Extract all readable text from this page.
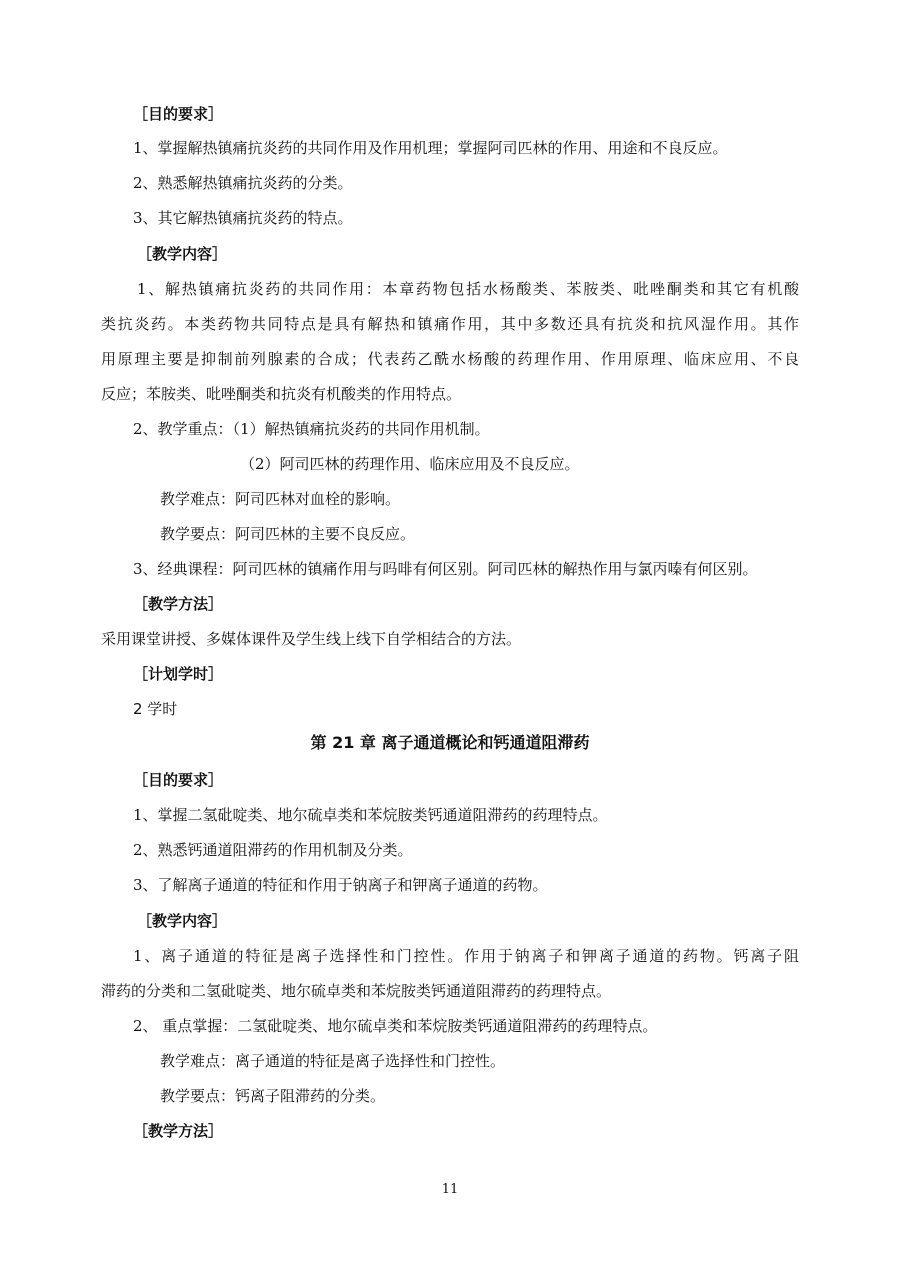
［目的要求］
1、掌握解热镇痛抗炎药的共同作用及作用机理；掌握阿司匹林的作用、用途和不良反应。
2、熟悉解热镇痛抗炎药的分类。
3、其它解热镇痛抗炎药的特点。
［教学内容］
1、解热镇痛抗炎药的共同作用：本章药物包括水杨酸类、苯胺类、吡唑酮类和其它有机酸
类抗炎药。本类药物共同特点是具有解热和镇痛作用，其中多数还具有抗炎和抗风湿作用。其作
用原理主要是抑制前列腺素的合成；代表药乙酰水杨酸的药理作用、作用原理、临床应用、不良
反应；苯胺类、吡唑酮类和抗炎有机酸类的作用特点。
2、教学重点：（1）解热镇痛抗炎药的共同作用机制。
（2）阿司匹林的药理作用、临床应用及不良反应。
教学难点：阿司匹林对血栓的影响。
教学要点：阿司匹林的主要不良反应。
3、经典课程：阿司匹林的镇痛作用与吗啡有何区别。阿司匹林的解热作用与氯丙嗪有何区别。
［教学方法］
采用课堂讲授、多媒体课件及学生线上线下自学相结合的方法。
［计划学时］
2 学时
第 21 章 离子通道概论和钙通道阻滞药
［目的要求］
1、掌握二氢砒啶类、地尔硫卓类和苯烷胺类钙通道阻滞药的药理特点。
2、熟悉钙通道阻滞药的作用机制及分类。
3、了解离子通道的特征和作用于钠离子和钾离子通道的药物。
［教学内容］
1、离子通道的特征是离子选择性和门控性。作用于钠离子和钾离子通道的药物。钙离子阻
滞药的分类和二氢砒啶类、地尔硫卓类和苯烷胺类钙通道阻滞药的药理特点。
2、 重点掌握：二氢砒啶类、地尔硫卓类和苯烷胺类钙通道阻滞药的药理特点。
教学难点：离子通道的特征是离子选择性和门控性。
教学要点：钙离子阻滞药的分类。
［教学方法］
11
